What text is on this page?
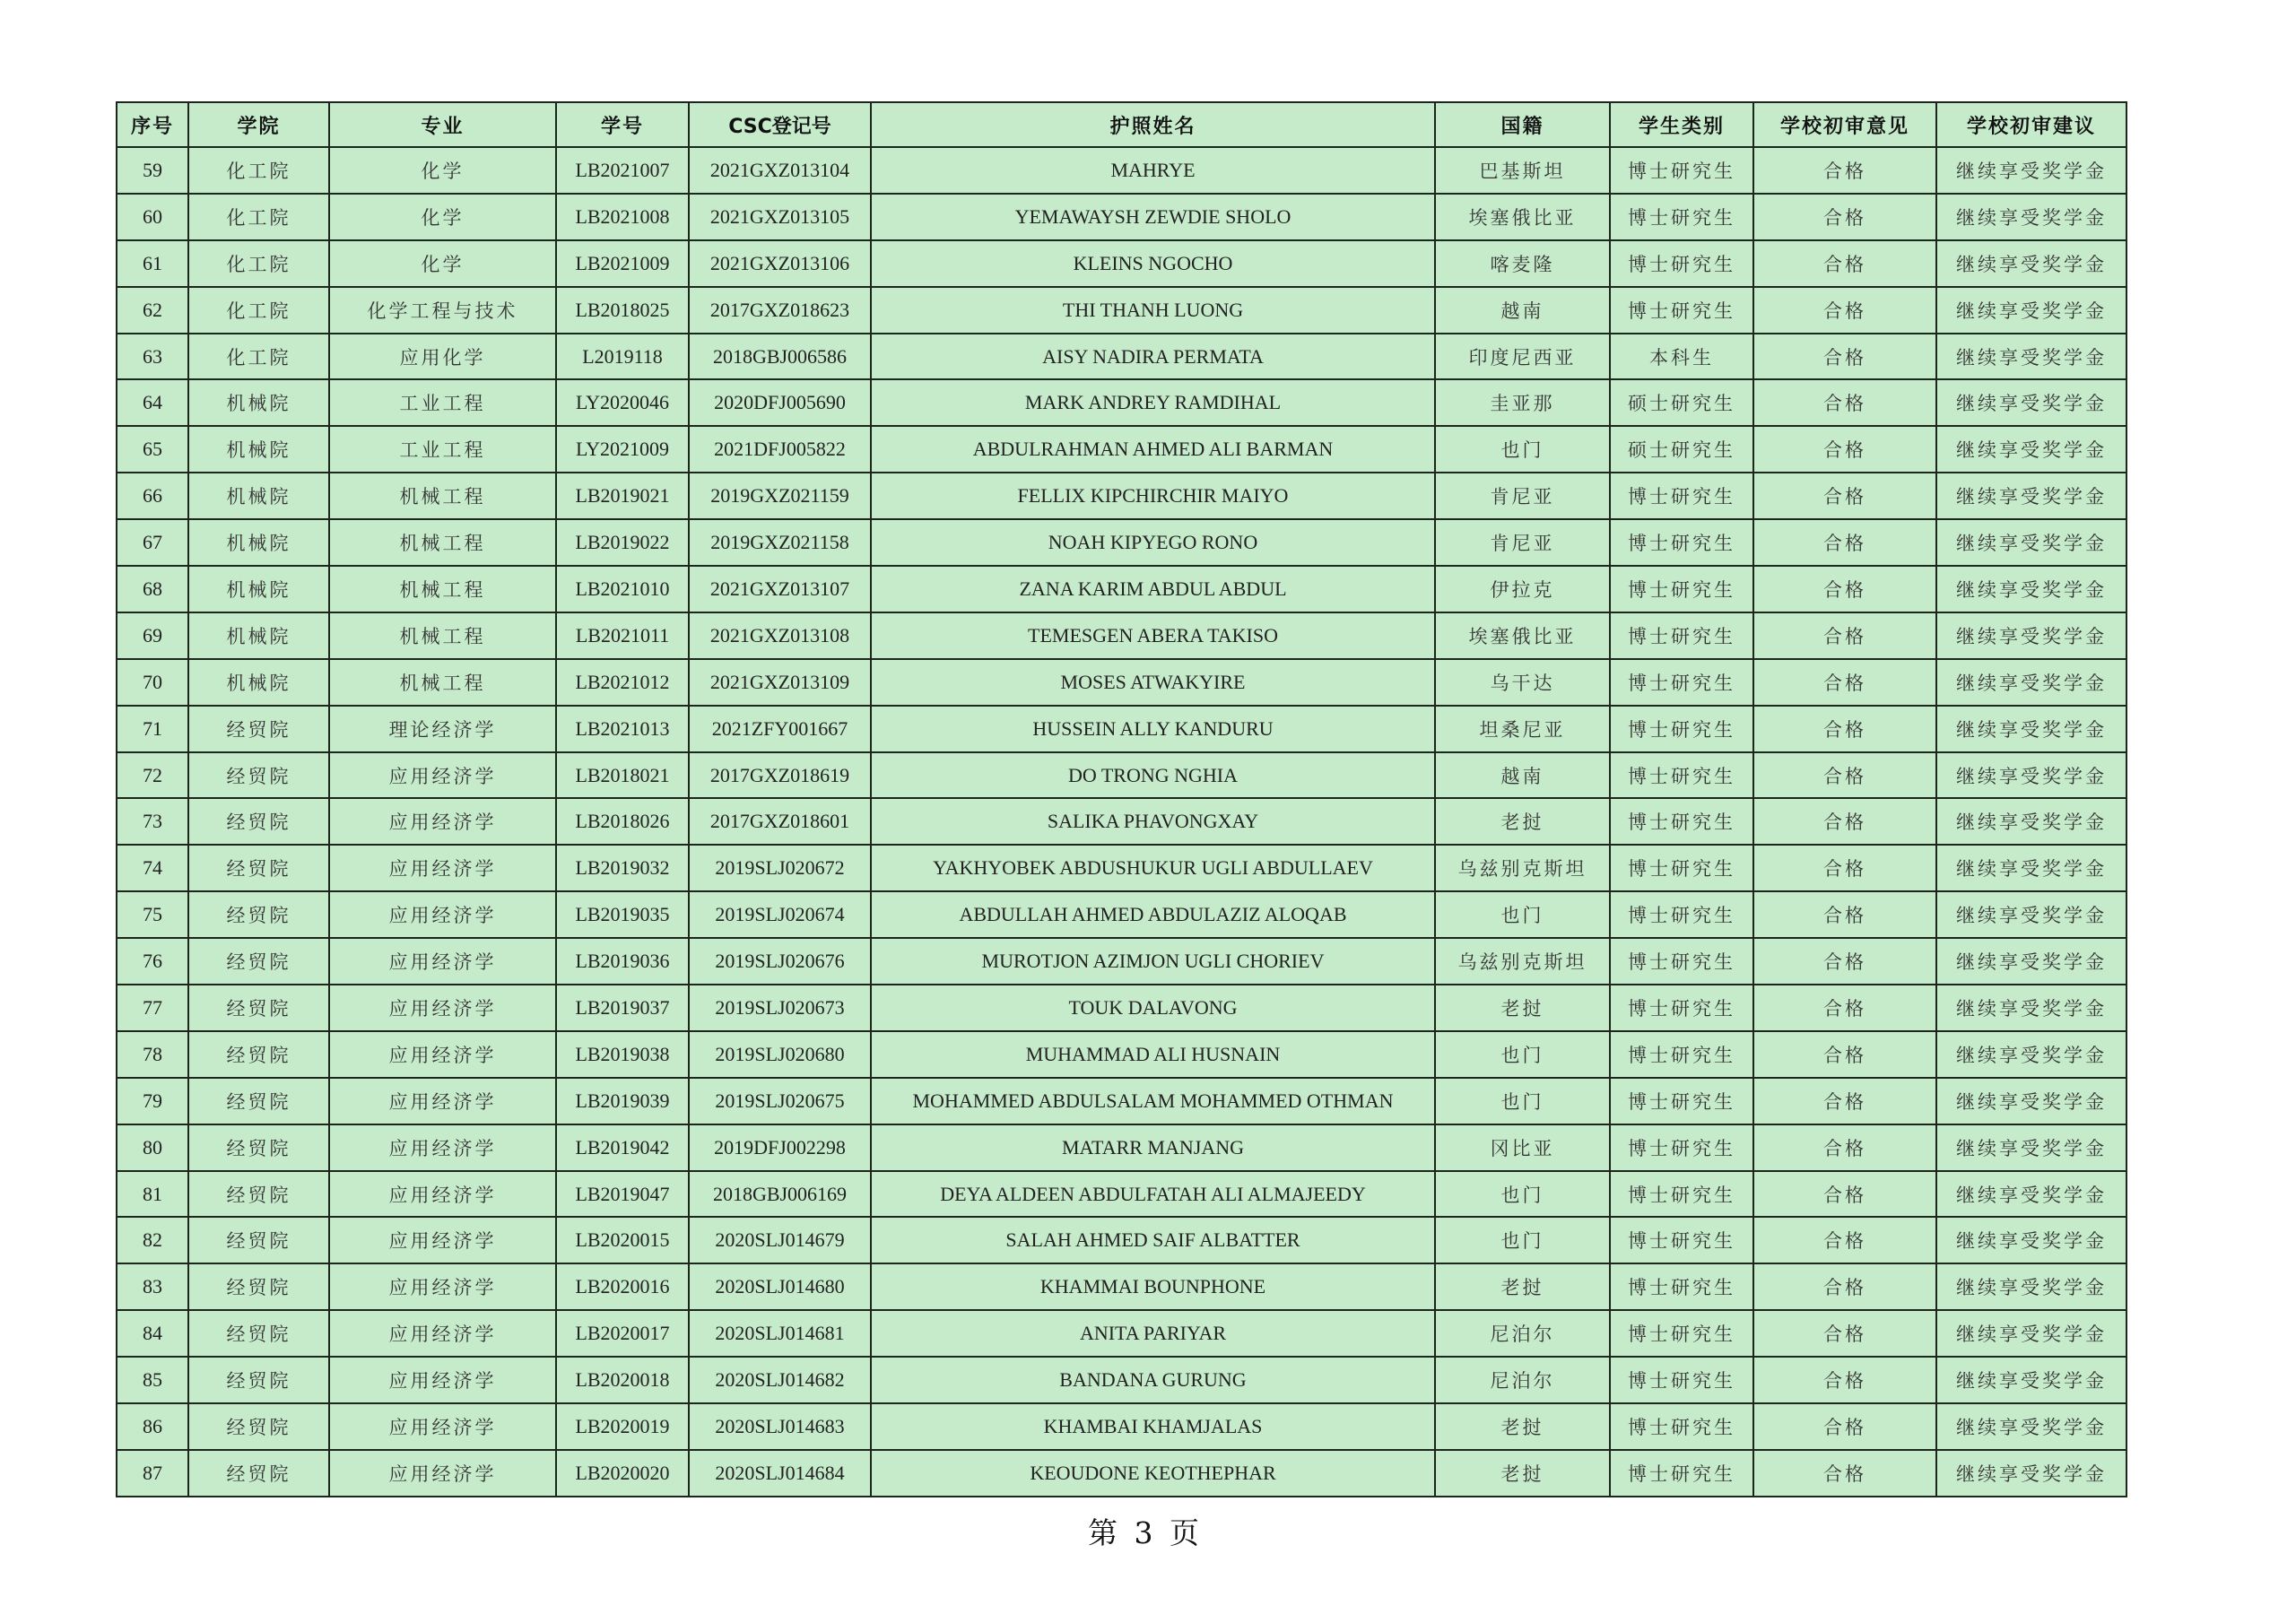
序号	学院	专业	学号	CSC登记号	护照姓名	国籍	学生类别	学校初审意见	学校初审建议
59	化工院	化学	LB2021007	2021GXZ013104	MAHRYE	巴基斯坦	博士研究生	合格	继续享受奖学金
60	化工院	化学	LB2021008	2021GXZ013105	YEMAWAYSH ZEWDIE SHOLO	埃塞俄比亚	博士研究生	合格	继续享受奖学金
61	化工院	化学	LB2021009	2021GXZ013106	KLEINS NGOCHO	喀麦隆	博士研究生	合格	继续享受奖学金
62	化工院	化学工程与技术	LB2018025	2017GXZ018623	THI THANH LUONG	越南	博士研究生	合格	继续享受奖学金
63	化工院	应用化学	L2019118	2018GBJ006586	AISY NADIRA PERMATA	印度尼西亚	本科生	合格	继续享受奖学金
64	机械院	工业工程	LY2020046	2020DFJ005690	MARK ANDREY RAMDIHAL	圭亚那	硕士研究生	合格	继续享受奖学金
65	机械院	工业工程	LY2021009	2021DFJ005822	ABDULRAHMAN AHMED ALI BARMAN	也门	硕士研究生	合格	继续享受奖学金
66	机械院	机械工程	LB2019021	2019GXZ021159	FELLIX KIPCHIRCHIR MAIYO	肯尼亚	博士研究生	合格	继续享受奖学金
67	机械院	机械工程	LB2019022	2019GXZ021158	NOAH KIPYEGO RONO	肯尼亚	博士研究生	合格	继续享受奖学金
68	机械院	机械工程	LB2021010	2021GXZ013107	ZANA KARIM ABDUL ABDUL	伊拉克	博士研究生	合格	继续享受奖学金
69	机械院	机械工程	LB2021011	2021GXZ013108	TEMESGEN ABERA TAKISO	埃塞俄比亚	博士研究生	合格	继续享受奖学金
70	机械院	机械工程	LB2021012	2021GXZ013109	MOSES ATWAKYIRE	乌干达	博士研究生	合格	继续享受奖学金
71	经贸院	理论经济学	LB2021013	2021ZFY001667	HUSSEIN ALLY KANDURU	坦桑尼亚	博士研究生	合格	继续享受奖学金
72	经贸院	应用经济学	LB2018021	2017GXZ018619	DO TRONG NGHIA	越南	博士研究生	合格	继续享受奖学金
73	经贸院	应用经济学	LB2018026	2017GXZ018601	SALIKA PHAVONGXAY	老挝	博士研究生	合格	继续享受奖学金
74	经贸院	应用经济学	LB2019032	2019SLJ020672	YAKHYOBEK ABDUSHUKUR UGLI ABDULLAEV	乌兹别克斯坦	博士研究生	合格	继续享受奖学金
75	经贸院	应用经济学	LB2019035	2019SLJ020674	ABDULLAH AHMED ABDULAZIZ ALOQAB	也门	博士研究生	合格	继续享受奖学金
76	经贸院	应用经济学	LB2019036	2019SLJ020676	MUROTJON AZIMJON UGLI CHORIEV	乌兹别克斯坦	博士研究生	合格	继续享受奖学金
77	经贸院	应用经济学	LB2019037	2019SLJ020673	TOUK DALAVONG	老挝	博士研究生	合格	继续享受奖学金
78	经贸院	应用经济学	LB2019038	2019SLJ020680	MUHAMMAD ALI HUSNAIN	也门	博士研究生	合格	继续享受奖学金
79	经贸院	应用经济学	LB2019039	2019SLJ020675	MOHAMMED ABDULSALAM MOHAMMED OTHMAN	也门	博士研究生	合格	继续享受奖学金
80	经贸院	应用经济学	LB2019042	2019DFJ002298	MATARR MANJANG	冈比亚	博士研究生	合格	继续享受奖学金
81	经贸院	应用经济学	LB2019047	2018GBJ006169	DEYA ALDEEN ABDULFATAH ALI ALMAJEEDY	也门	博士研究生	合格	继续享受奖学金
82	经贸院	应用经济学	LB2020015	2020SLJ014679	SALAH AHMED SAIF ALBATTER	也门	博士研究生	合格	继续享受奖学金
83	经贸院	应用经济学	LB2020016	2020SLJ014680	KHAMMAI BOUNPHONE	老挝	博士研究生	合格	继续享受奖学金
84	经贸院	应用经济学	LB2020017	2020SLJ014681	ANITA PARIYAR	尼泊尔	博士研究生	合格	继续享受奖学金
85	经贸院	应用经济学	LB2020018	2020SLJ014682	BANDANA GURUNG	尼泊尔	博士研究生	合格	继续享受奖学金
86	经贸院	应用经济学	LB2020019	2020SLJ014683	KHAMBAI KHAMJALAS	老挝	博士研究生	合格	继续享受奖学金
87	经贸院	应用经济学	LB2020020	2020SLJ014684	KEOUDONE KEOTHEPHAR	老挝	博士研究生	合格	继续享受奖学金
第 3 页
